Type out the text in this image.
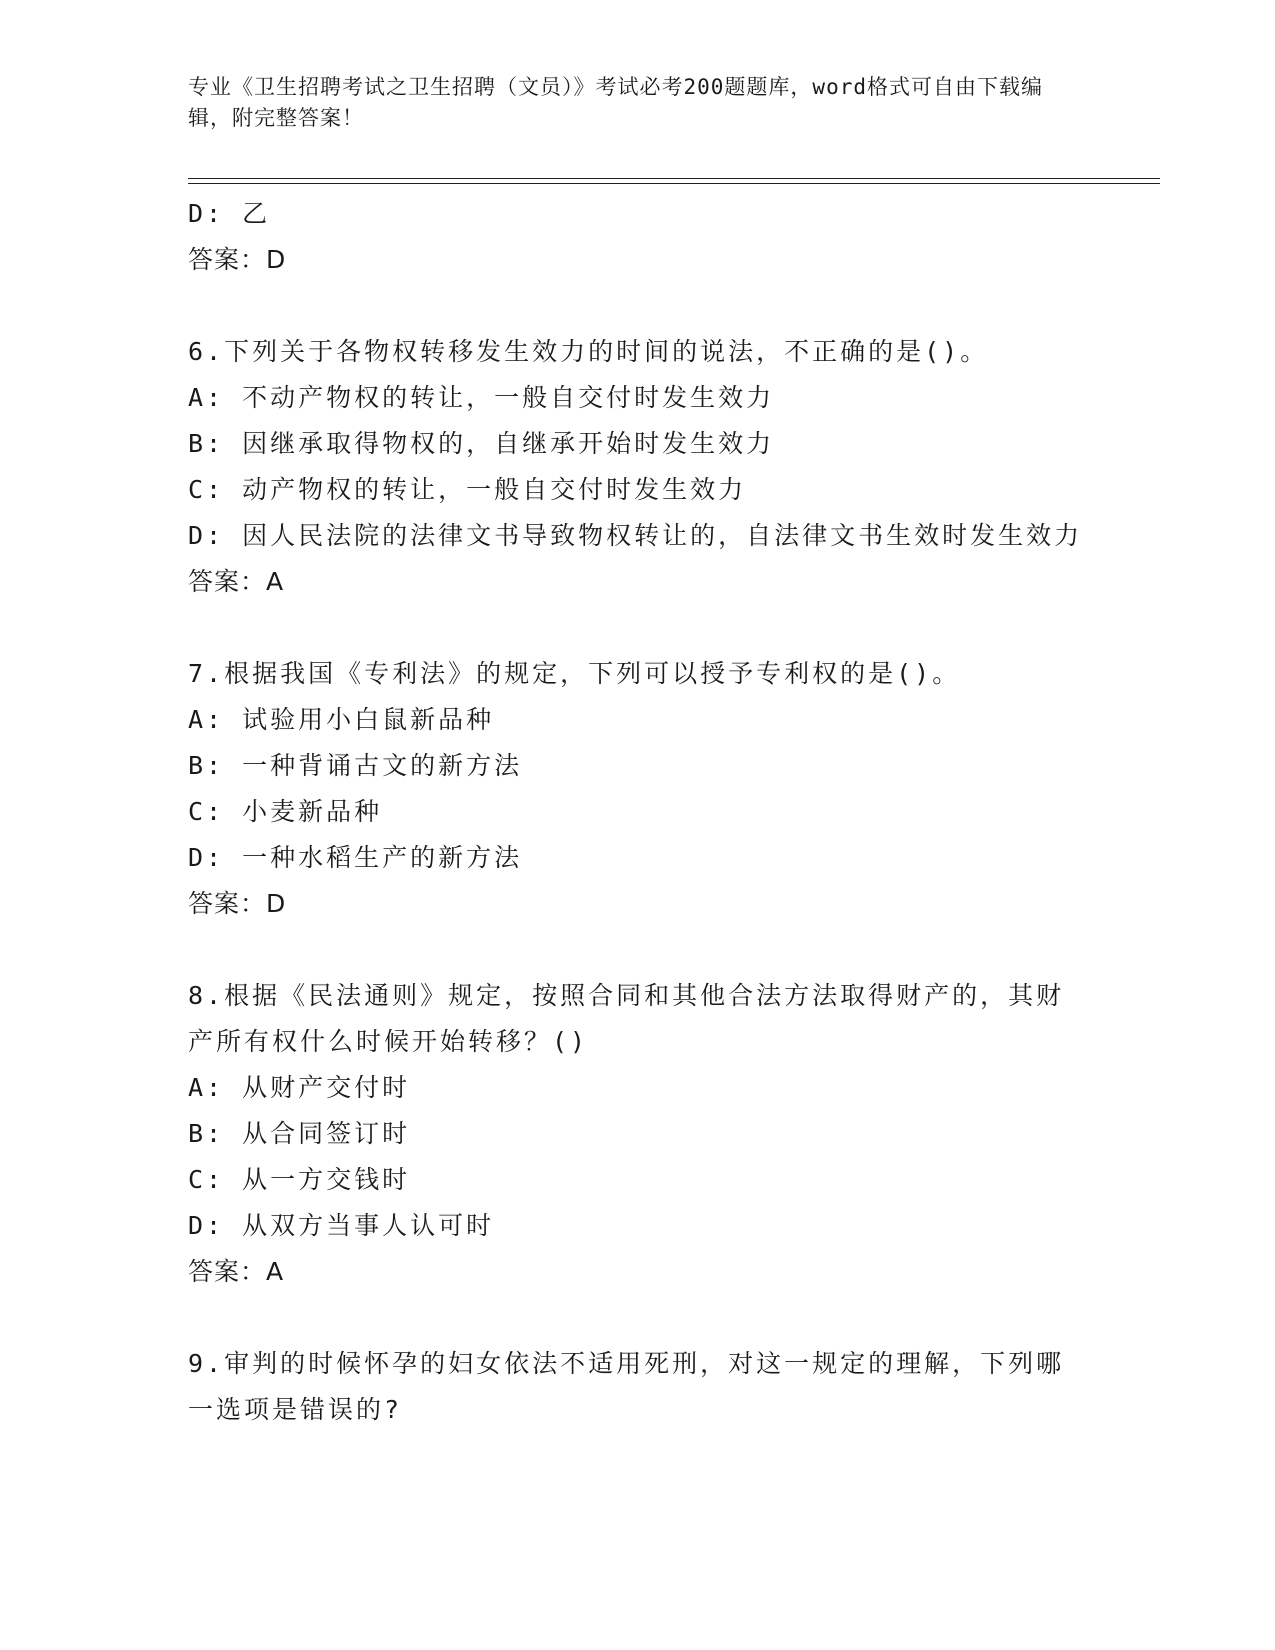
专业《卫生招聘考试之卫生招聘（文员）》考试必考200题题库，word格式可自由下载编辑，附完整答案！
D: 乙
答案：D
6.下列关于各物权转移发生效力的时间的说法，不正确的是()。
A: 不动产物权的转让，一般自交付时发生效力
B: 因继承取得物权的，自继承开始时发生效力
C: 动产物权的转让，一般自交付时发生效力
D: 因人民法院的法律文书导致物权转让的，自法律文书生效时发生效力
答案：A
7.根据我国《专利法》的规定，下列可以授予专利权的是()。
A: 试验用小白鼠新品种
B: 一种背诵古文的新方法
C: 小麦新品种
D: 一种水稻生产的新方法
答案：D
8.根据《民法通则》规定，按照合同和其他合法方法取得财产的，其财产所有权什么时候开始转移？()
A: 从财产交付时
B: 从合同签订时
C: 从一方交钱时
D: 从双方当事人认可时
答案：A
9.审判的时候怀孕的妇女依法不适用死刑，对这一规定的理解，下列哪一选项是错误的?
